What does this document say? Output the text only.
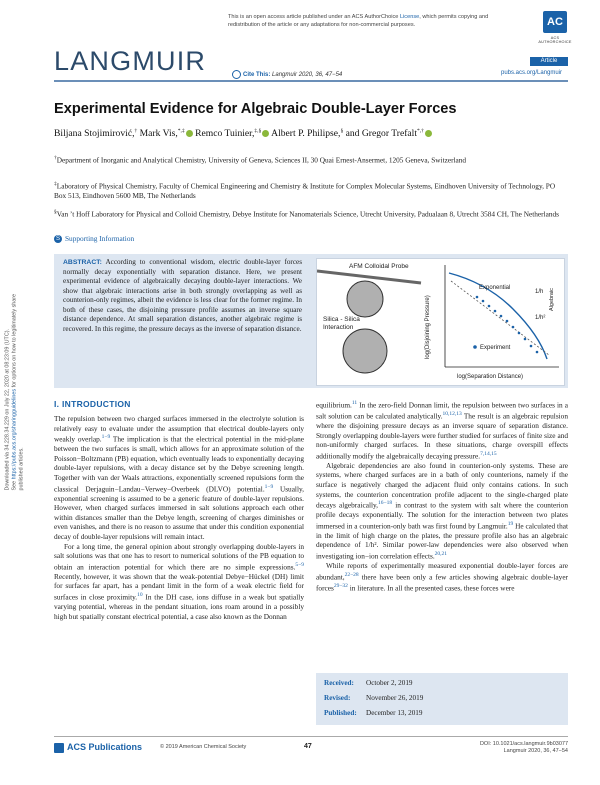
This is an open access article published under an ACS AuthorChoice License, which permits copying and redistribution of the article or any adaptations for non-commercial purposes.	AC
ACS AUTHORCHOICE
LANGMUIR	Article
Cite This: Langmuir 2020, 36, 47−54	pubs.acs.org/Langmuir
Experimental Evidence for Algebraic Double-Layer Forces
Biljana Stojimirović,† Mark Vis,*,‡ Remco Tuinier,‡,§ Albert P. Philipse,§ and Gregor Trefalt*,†
†Department of Inorganic and Analytical Chemistry, University of Geneva, Sciences II, 30 Quai Ernest-Ansermet, 1205 Geneva, Switzerland
‡Laboratory of Physical Chemistry, Faculty of Chemical Engineering and Chemistry & Institute for Complex Molecular Systems, Eindhoven University of Technology, PO Box 513, Eindhoven 5600 MB, The Netherlands
§Van ’t Hoff Laboratory for Physical and Colloid Chemistry, Debye Institute for Nanomaterials Science, Utrecht University, Padualaan 8, Utrecht 3584 CH, The Netherlands
S Supporting Information
ABSTRACT: According to conventional wisdom, electric double-layer forces normally decay exponentially with separation distance. Here, we present experimental evidence of algebraically decaying double-layer interactions. We show that algebraic interactions arise in both strongly overlapping as well as counterion-only regimes, albeit the evidence is less clear for the former regime. In both of these cases, the disjoining pressure profile assumes an inverse square distance dependence. At small separation distances, another algebraic regime is recovered. In this regime, the pressure decays as the inverse of separation distance.
AFM Colloidal Probe
Silica - Silica
Interaction	log(Disjoining Pressure)
log(Separation Distance)
Exponential
Algebraic
1/h
1/h²
Experiment
Downloaded via 34.228.34.229 on July 22, 2020 at 08:23:09 (UTC). See https://pubs.acs.org/sharingguidelines for options on how to legitimately share published articles.
I. INTRODUCTION

The repulsion between two charged surfaces immersed in the electrolyte solution is relatively easy to evaluate under the assumption that electrical double-layers only weakly overlap.$^{1-9}$ The implication is that the electrical potential in the mid-plane between the two surfaces is small, which allows for an approximate solution of the Poisson−Boltzmann (PB) equation, which eventually leads to exponentially decaying double-layer repulsions, with a decay distance set by the Debye screening length. Together with van der Waals attractions, exponentially screened repulsions form the classical Derjaguin−Landau−Verwey−Overbeek (DLVO) potential.$^{1-9}$ Usually, exponential screening is assumed to be a generic feature of double-layer repulsions. However, when charged surfaces immersed in salt solutions approach each other within distances smaller than the Debye length, screening of charges diminishes or even vanishes, and there is no reason to assume that under this condition exponential decay of double-layer repulsions will remain intact.

For a long time, the general opinion about strongly overlapping double-layers in salt solutions was that one has to resort to numerical solutions of the PB equation to obtain an interaction potential for which there are no simple expressions.$^{5-9}$ Recently, however, it was shown that the weak-potential Debye−Hückel (DH) limit for surfaces far apart, has a pendant limit in the form of a weak electric field for surfaces in close proximity.$^{10}$ In the DH case, ions diffuse in a weak but spatially varying potential, whereas in the pendant situation, ions roam around in a possibly high but spatially constant electrical potential, a case also known as the Donnan

equilibrium.$^{11}$ In the zero-field Donnan limit, the repulsion between two surfaces in a salt solution can be calculated analytically.$^{10,12,13}$ The result is an algebraic repulsion where the disjoining pressure decays as an inverse square of separation distance. Strongly overlapping double-layers were further studied for surfaces of finite size and non-uniformly charged surfaces. In these situations, charge overspill effects additionally modify the algebraically decaying pressure.$^{7,14,15}$

Algebraic dependencies are also found in counterion-only systems. These are systems, where charged surfaces are in a bath of only counterions, namely if the surface is negatively charged the adjacent fluid only contains cations. In such systems, the counterion concentration profile adjacent to the single-charged plate decays algebraically,$^{16-18}$ in contrast to the system with salt where the counterion profile decays exponentially. The solution for the interaction between two plates immersed in a counterion-only bath was first found by Langmuir.$^{19}$ He calculated that in the limit of high charge on the plates, the pressure profile also has an algebraic dependence of 1/h². Similar power-law dependencies were also observed when investigating ion−ion correlation effects.$^{20,21}$

While reports of experimentally measured exponential double-layer forces are abundant,$^{22-28}$ there have been only a few articles showing algebraic double-layer forces$^{29-32}$ in literature. In all the presented cases, these forces were

Received: October 2, 2019
Revised: November 26, 2019
Published: December 13, 2019
ACS Publications	© 2019 American Chemical Society	47	DOI: 10.1021/acs.langmuir.9b03077
Langmuir 2020, 36, 47−54
